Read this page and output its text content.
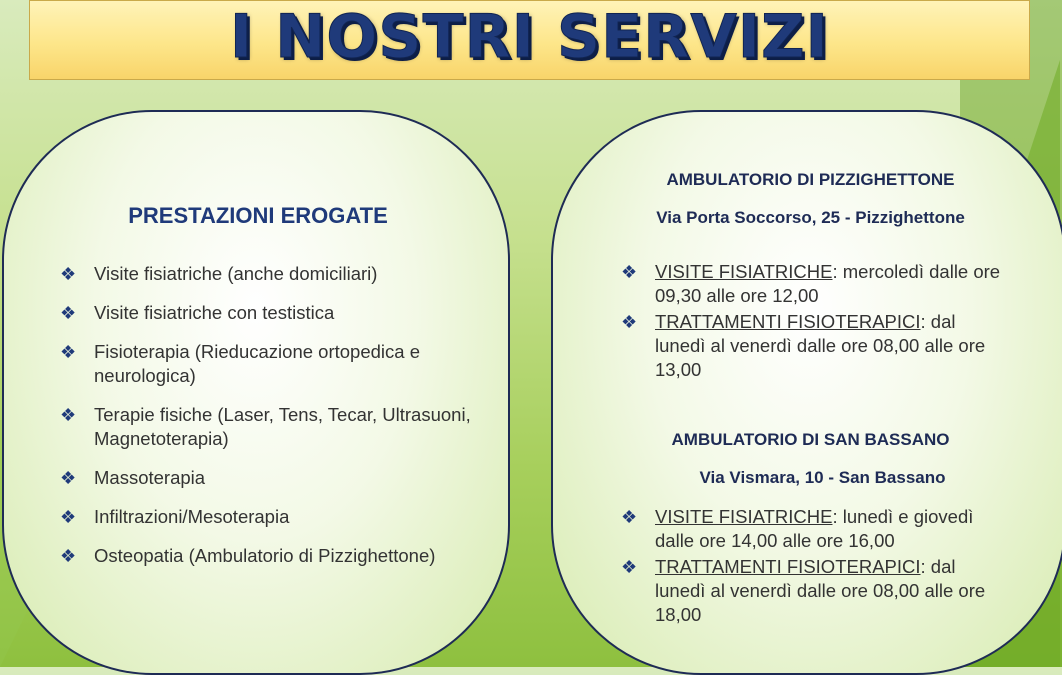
I NOSTRI SERVIZI
PRESTAZIONI EROGATE
❖ Visite fisiatriche (anche domiciliari)
❖ Visite fisiatriche con testistica
❖ Fisioterapia (Rieducazione ortopedica e neurologica)
❖ Terapie fisiche (Laser, Tens, Tecar, Ultrasuoni, Magnetoterapia)
❖ Massoterapia
❖ Infiltrazioni/Mesoterapia
❖ Osteopatia (Ambulatorio di Pizzighettone)
AMBULATORIO DI PIZZIGHETTONE
Via Porta Soccorso, 25 - Pizzighettone
❖ VISITE FISIATRICHE: mercoledì dalle ore 09,30 alle ore 12,00
❖ TRATTAMENTI FISIOTERAPICI: dal lunedì al venerdì dalle ore 08,00 alle ore 13,00
AMBULATORIO DI SAN BASSANO
Via Vismara, 10 - San Bassano
❖ VISITE FISIATRICHE: lunedì e giovedì dalle ore 14,00 alle ore 16,00
❖ TRATTAMENTI FISIOTERAPICI: dal lunedì al venerdì dalle ore 08,00 alle ore 18,00
